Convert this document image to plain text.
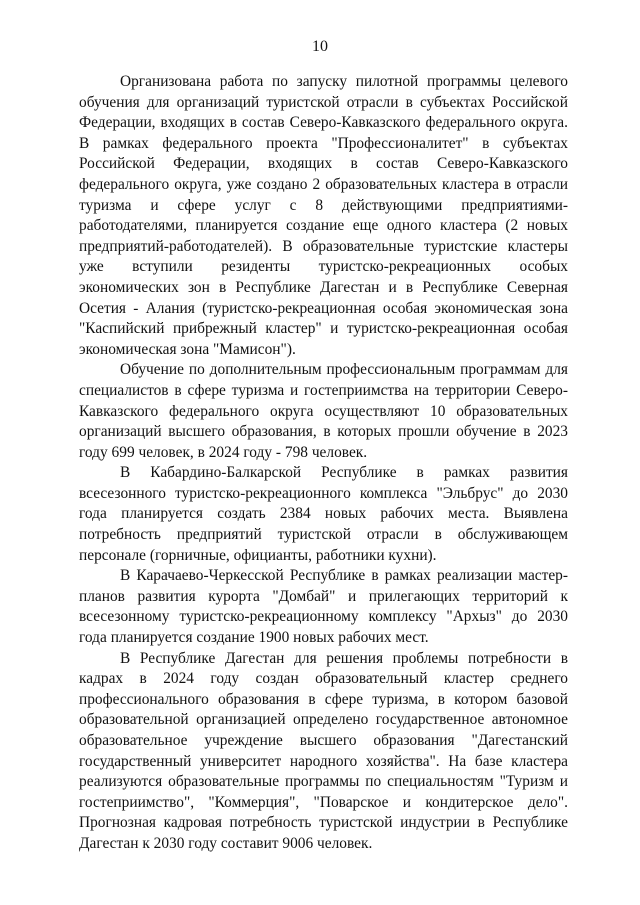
10

Организована работа по запуску пилотной программы целевого обучения для организаций туристской отрасли в субъектах Российской Федерации, входящих в состав Северо-Кавказского федерального округа. В рамках федерального проекта "Профессионалитет" в субъектах Российской Федерации, входящих в состав Северо-Кавказского федерального округа, уже создано 2 образовательных кластера в отрасли туризма и сфере услуг с 8 действующими предприятиями-работодателями, планируется создание еще одного кластера (2 новых предприятий-работодателей). В образовательные туристские кластеры уже вступили резиденты туристско-рекреационных особых экономических зон в Республике Дагестан и в Республике Северная Осетия - Алания (туристско-рекреационная особая экономическая зона "Каспийский прибрежный кластер" и туристско-рекреационная особая экономическая зона "Мамисон").

Обучение по дополнительным профессиональным программам для специалистов в сфере туризма и гостеприимства на территории Северо-Кавказского федерального округа осуществляют 10 образовательных организаций высшего образования, в которых прошли обучение в 2023 году 699 человек, в 2024 году - 798 человек.

В Кабардино-Балкарской Республике в рамках развития всесезонного туристско-рекреационного комплекса "Эльбрус" до 2030 года планируется создать 2384 новых рабочих места. Выявлена потребность предприятий туристской отрасли в обслуживающем персонале (горничные, официанты, работники кухни).

В Карачаево-Черкесской Республике в рамках реализации мастер-планов развития курорта "Домбай" и прилегающих территорий к всесезонному туристско-рекреационному комплексу "Архыз" до 2030 года планируется создание 1900 новых рабочих мест.

В Республике Дагестан для решения проблемы потребности в кадрах в 2024 году создан образовательный кластер среднего профессионального образования в сфере туризма, в котором базовой образовательной организацией определено государственное автономное образовательное учреждение высшего образования "Дагестанский государственный университет народного хозяйства". На базе кластера реализуются образовательные программы по специальностям "Туризм и гостеприимство", "Коммерция", "Поварское и кондитерское дело". Прогнозная кадровая потребность туристской индустрии в Республике Дагестан к 2030 году составит 9006 человек.
